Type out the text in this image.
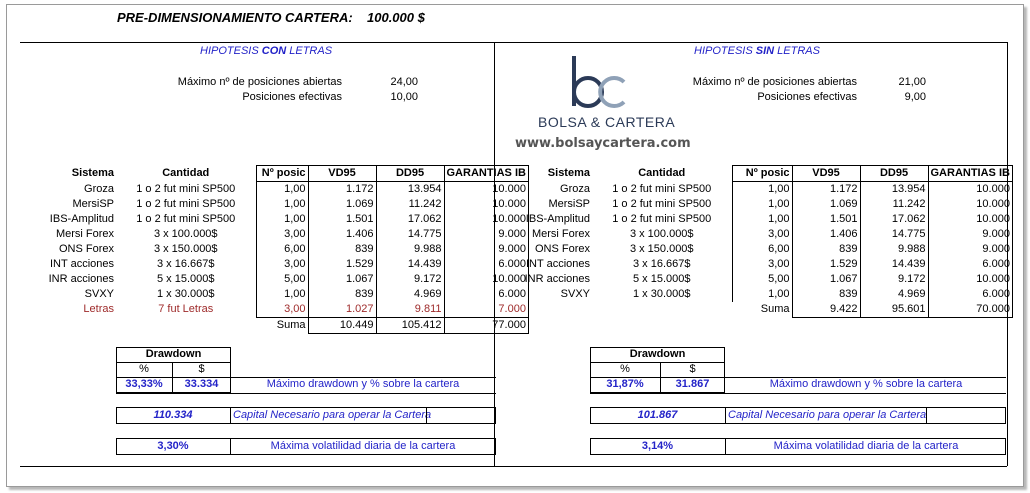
PRE-DIMENSIONAMIENTO CARTERA: 100.000 $
HIPOTESIS CON LETRAS
Máximo nº de posiciones abiertas	24,00
Posiciones efectivas	10,00
HIPOTESIS SIN LETRAS
Máximo nº de posiciones abiertas	21,00
Posiciones efectivas	9,00
BOLSA & CARTERA
www.bolsaycartera.com
Sistema	Cantidad	Nº posic	VD95	DD95	GARANTIAS IB
Groza	1 o 2 fut mini SP500	1,00	1.172	13.954	10.000
MersiSP	1 o 2 fut mini SP500	1,00	1.069	11.242	10.000
IBS-Amplitud	1 o 2 fut mini SP500	1,00	1.501	17.062	10.000
Mersi Forex	3 x 100.000$	3,00	1.406	14.775	9.000
ONS Forex	3 x 150.000$	6,00	839	9.988	9.000
INT acciones	3 x 16.667$	3,00	1.529	14.439	6.000
INR acciones	5 x 15.000$	5,00	1.067	9.172	10.000
SVXY	1 x 30.000$	1,00	839	4.969	6.000
Letras	7 fut Letras	3,00	1.027	9.811	7.000
		Suma	10.449	105.412	77.000
Sistema	Cantidad	Nº posic	VD95	DD95	GARANTIAS IB
Groza	1 o 2 fut mini SP500	1,00	1.172	13.954	10.000
MersiSP	1 o 2 fut mini SP500	1,00	1.069	11.242	10.000
IBS-Amplitud	1 o 2 fut mini SP500	1,00	1.501	17.062	10.000
Mersi Forex	3 x 100.000$	3,00	1.406	14.775	9.000
ONS Forex	3 x 150.000$	6,00	839	9.988	9.000
INT acciones	3 x 16.667$	3,00	1.529	14.439	6.000
INR acciones	5 x 15.000$	5,00	1.067	9.172	10.000
SVXY	1 x 30.000$	1,00	839	4.969	6.000
		Suma	9.422	95.601	70.000
Drawdown
%	$
33,33%	33.334	Máximo drawdown y % sobre la cartera
110.334	Capital Necesario para operar la Cartera
3,30%	Máxima volatilidad diaria de la cartera
Drawdown
%	$
31,87%	31.867	Máximo drawdown y % sobre la cartera
101.867	Capital Necesario para operar la Cartera
3,14%	Máxima volatilidad diaria de la cartera
